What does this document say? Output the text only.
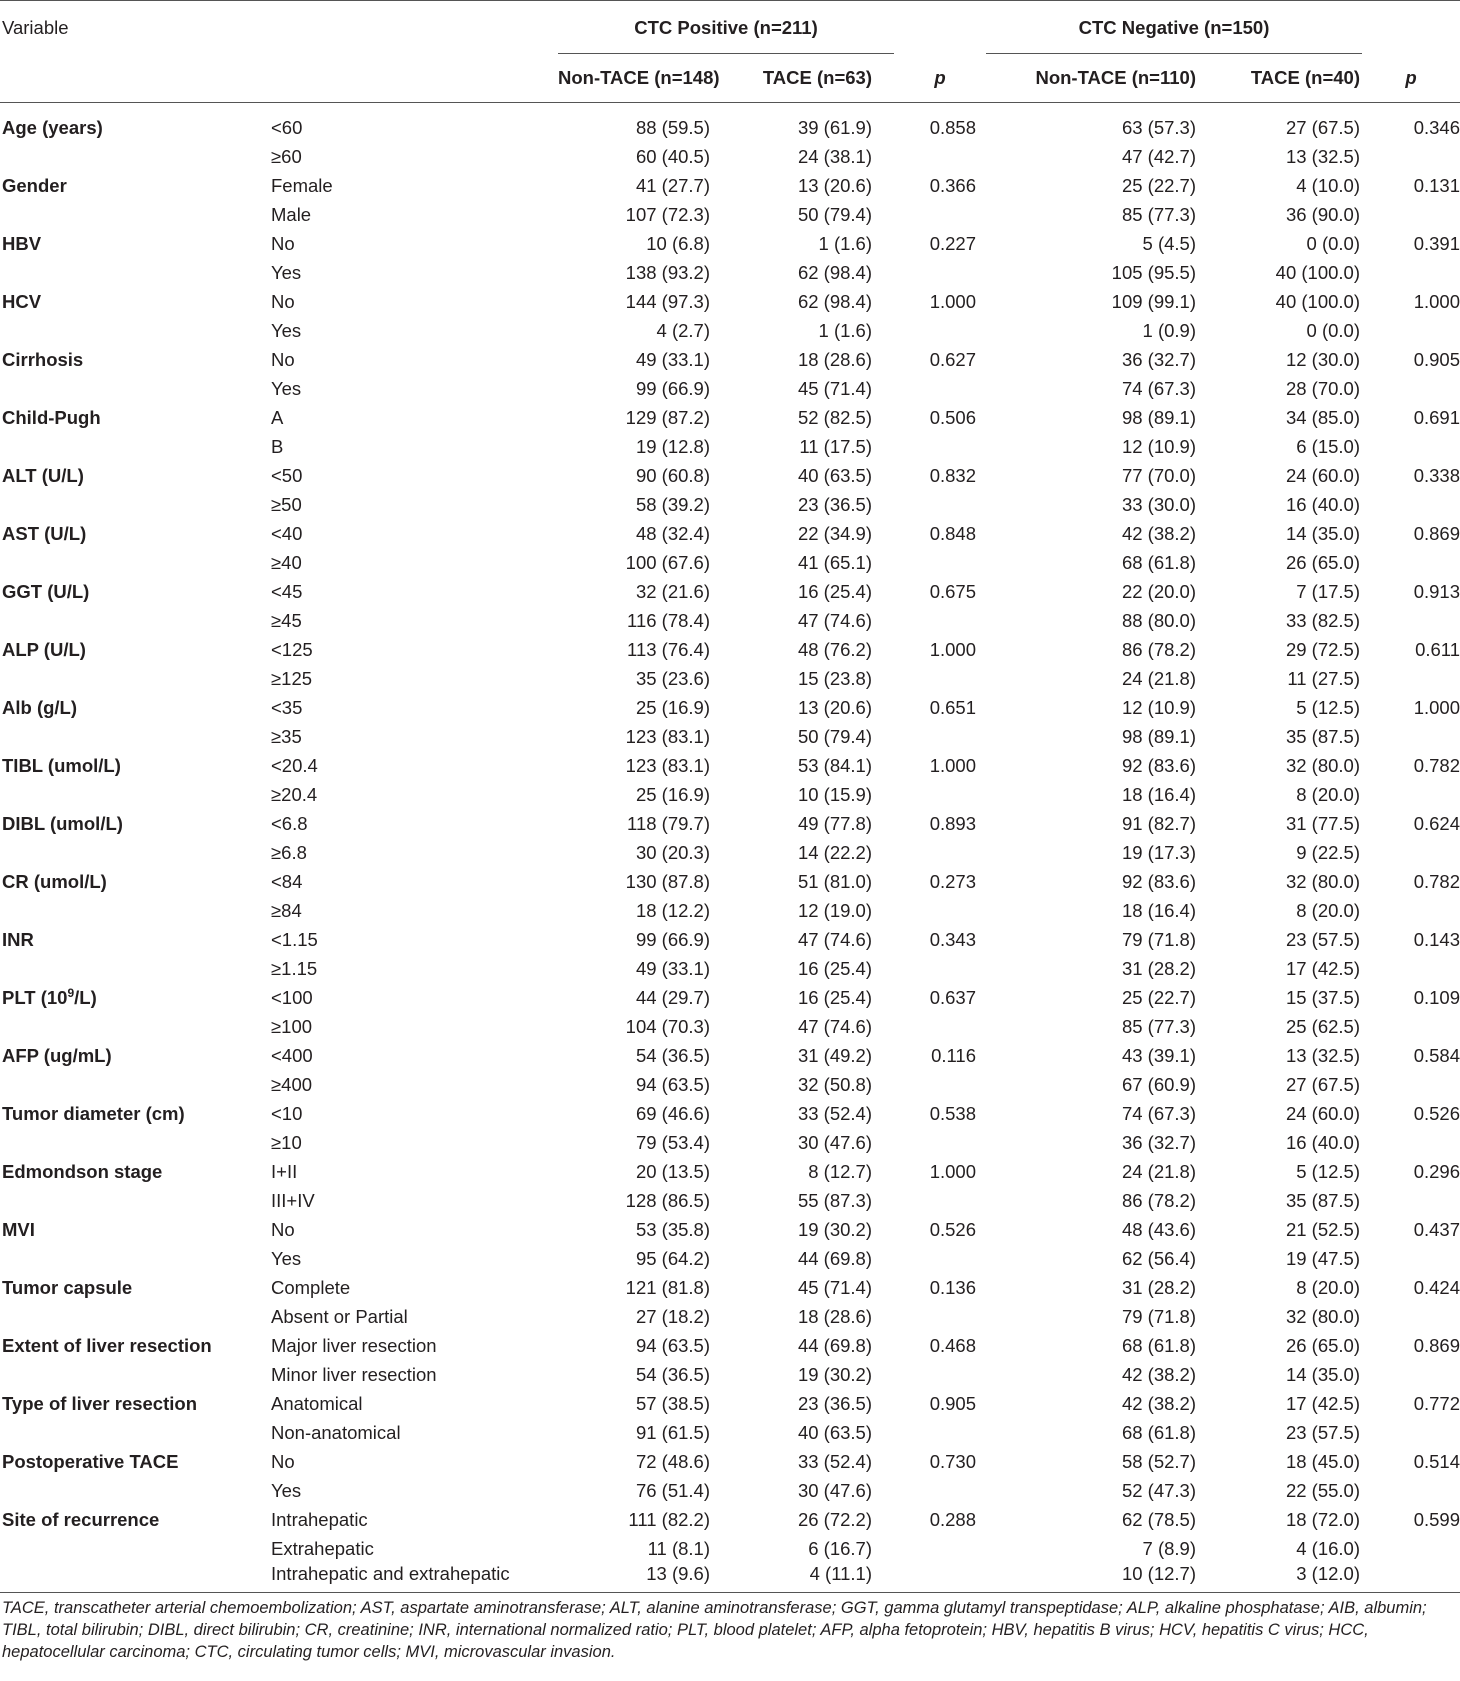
Variable		CTC Positive (n=211)			CTC Negative (n=150)	

		Non-TACE (n=148)	TACE (n=63)	p	Non-TACE (n=110)	TACE (n=40)	p
Age (years)	<60	88 (59.5)	39 (61.9)	0.858	63 (57.3)	27 (67.5)	0.346
	≥60	60 (40.5)	24 (38.1)		47 (42.7)	13 (32.5)	
Gender	Female	41 (27.7)	13 (20.6)	0.366	25 (22.7)	4 (10.0)	0.131
	Male	107 (72.3)	50 (79.4)		85 (77.3)	36 (90.0)	
HBV	No	10 (6.8)	1 (1.6)	0.227	5 (4.5)	0 (0.0)	0.391
	Yes	138 (93.2)	62 (98.4)		105 (95.5)	40 (100.0)	
HCV	No	144 (97.3)	62 (98.4)	1.000	109 (99.1)	40 (100.0)	1.000
	Yes	4 (2.7)	1 (1.6)		1 (0.9)	0 (0.0)	
Cirrhosis	No	49 (33.1)	18 (28.6)	0.627	36 (32.7)	12 (30.0)	0.905
	Yes	99 (66.9)	45 (71.4)		74 (67.3)	28 (70.0)	
Child-Pugh	A	129 (87.2)	52 (82.5)	0.506	98 (89.1)	34 (85.0)	0.691
	B	19 (12.8)	11 (17.5)		12 (10.9)	6 (15.0)	
ALT (U/L)	<50	90 (60.8)	40 (63.5)	0.832	77 (70.0)	24 (60.0)	0.338
	≥50	58 (39.2)	23 (36.5)		33 (30.0)	16 (40.0)	
AST (U/L)	<40	48 (32.4)	22 (34.9)	0.848	42 (38.2)	14 (35.0)	0.869
	≥40	100 (67.6)	41 (65.1)		68 (61.8)	26 (65.0)	
GGT (U/L)	<45	32 (21.6)	16 (25.4)	0.675	22 (20.0)	7 (17.5)	0.913
	≥45	116 (78.4)	47 (74.6)		88 (80.0)	33 (82.5)	
ALP (U/L)	<125	113 (76.4)	48 (76.2)	1.000	86 (78.2)	29 (72.5)	0.611
	≥125	35 (23.6)	15 (23.8)		24 (21.8)	11 (27.5)	
Alb (g/L)	<35	25 (16.9)	13 (20.6)	0.651	12 (10.9)	5 (12.5)	1.000
	≥35	123 (83.1)	50 (79.4)		98 (89.1)	35 (87.5)	
TIBL (umol/L)	<20.4	123 (83.1)	53 (84.1)	1.000	92 (83.6)	32 (80.0)	0.782
	≥20.4	25 (16.9)	10 (15.9)		18 (16.4)	8 (20.0)	
DIBL (umol/L)	<6.8	118 (79.7)	49 (77.8)	0.893	91 (82.7)	31 (77.5)	0.624
	≥6.8	30 (20.3)	14 (22.2)		19 (17.3)	9 (22.5)	
CR (umol/L)	<84	130 (87.8)	51 (81.0)	0.273	92 (83.6)	32 (80.0)	0.782
	≥84	18 (12.2)	12 (19.0)		18 (16.4)	8 (20.0)	
INR	<1.15	99 (66.9)	47 (74.6)	0.343	79 (71.8)	23 (57.5)	0.143
	≥1.15	49 (33.1)	16 (25.4)		31 (28.2)	17 (42.5)	
PLT $(10^9/L)$	<100	44 (29.7)	16 (25.4)	0.637	25 (22.7)	15 (37.5)	0.109
	≥100	104 (70.3)	47 (74.6)		85 (77.3)	25 (62.5)	
AFP (ug/mL)	<400	54 (36.5)	31 (49.2)	0.116	43 (39.1)	13 (32.5)	0.584
	≥400	94 (63.5)	32 (50.8)		67 (60.9)	27 (67.5)	
Tumor diameter (cm)	<10	69 (46.6)	33 (52.4)	0.538	74 (67.3)	24 (60.0)	0.526
	≥10	79 (53.4)	30 (47.6)		36 (32.7)	16 (40.0)	
Edmondson stage	I+II	20 (13.5)	8 (12.7)	1.000	24 (21.8)	5 (12.5)	0.296
	III+IV	128 (86.5)	55 (87.3)		86 (78.2)	35 (87.5)	
MVI	No	53 (35.8)	19 (30.2)	0.526	48 (43.6)	21 (52.5)	0.437
	Yes	95 (64.2)	44 (69.8)		62 (56.4)	19 (47.5)	
Tumor capsule	Complete	121 (81.8)	45 (71.4)	0.136	31 (28.2)	8 (20.0)	0.424
	Absent or Partial	27 (18.2)	18 (28.6)		79 (71.8)	32 (80.0)	
Extent of liver resection	Major liver resection	94 (63.5)	44 (69.8)	0.468	68 (61.8)	26 (65.0)	0.869
	Minor liver resection	54 (36.5)	19 (30.2)		42 (38.2)	14 (35.0)	
Type of liver resection	Anatomical	57 (38.5)	23 (36.5)	0.905	42 (38.2)	17 (42.5)	0.772
	Non-anatomical	91 (61.5)	40 (63.5)		68 (61.8)	23 (57.5)	
Postoperative TACE	No	72 (48.6)	33 (52.4)	0.730	58 (52.7)	18 (45.0)	0.514
	Yes	76 (51.4)	30 (47.6)		52 (47.3)	22 (55.0)	
Site of recurrence	Intrahepatic	111 (82.2)	26 (72.2)	0.288	62 (78.5)	18 (72.0)	0.599
	Extrahepatic	11 (8.1)	6 (16.7)		7 (8.9)	4 (16.0)	
	Intrahepatic and extrahepatic	13 (9.6)	4 (11.1)		10 (12.7)	3 (12.0)	
TACE, transcatheter arterial chemoembolization; AST, aspartate aminotransferase; ALT, alanine aminotransferase; GGT, gamma glutamyl transpeptidase; ALP, alkaline phosphatase; AIB, albumin; TIBL, total bilirubin; DIBL, direct bilirubin; CR, creatinine; INR, international normalized ratio; PLT, blood platelet; AFP, alpha fetoprotein; HBV, hepatitis B virus; HCV, hepatitis C virus; HCC, hepatocellular carcinoma; CTC, circulating tumor cells; MVI, microvascular invasion.
